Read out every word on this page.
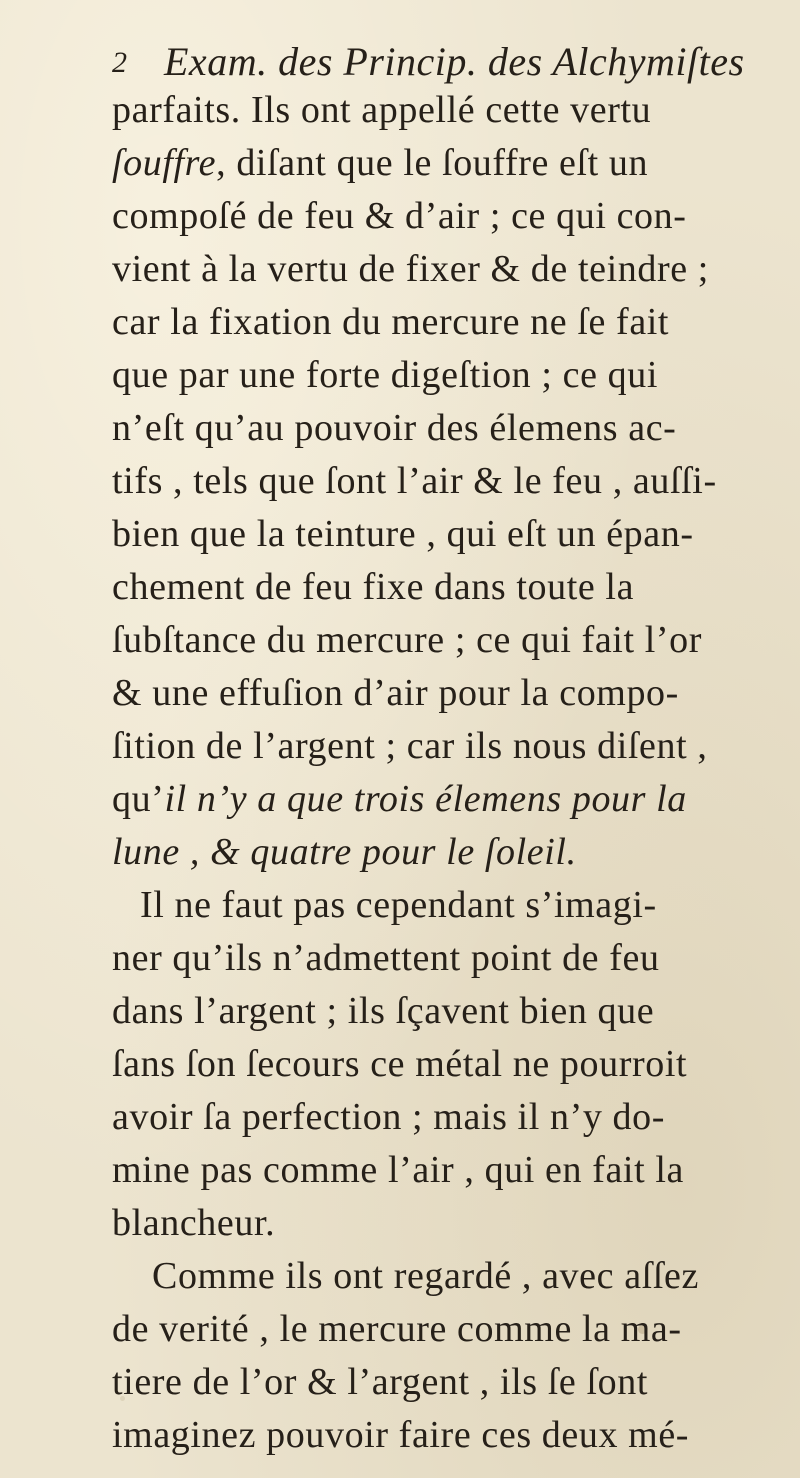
2 Exam. des Princip. des Alchymiſtes
parfaits. Ils ont appellé cette vertu
ſouffre, diſant que le ſouffre eſt un
compoſé de feu & d’air ; ce qui con-
vient à la vertu de fixer & de teindre ;
car la fixation du mercure ne ſe fait
que par une forte digeſtion ; ce qui
n’eſt qu’au pouvoir des élemens ac-
tifs , tels que ſont l’air & le feu , auſſi-
bien que la teinture , qui eſt un épan-
chement de feu fixe dans toute la
ſubſtance du mercure ; ce qui fait l’or
& une effuſion d’air pour la compo-
ſition de l’argent ; car ils nous diſent ,
qu’il n’y a que trois élemens pour la
lune , & quatre pour le ſoleil.
Il ne faut pas cependant s’imagi-
ner qu’ils n’admettent point de feu
dans l’argent ; ils ſçavent bien que
ſans ſon ſecours ce métal ne pourroit
avoir ſa perfection ; mais il n’y do-
mine pas comme l’air , qui en fait la
blancheur.
Comme ils ont regardé , avec aſſez
de verité , le mercure comme la ma-
tiere de l’or & l’argent , ils ſe ſont
imaginez pouvoir faire ces deux mé-
